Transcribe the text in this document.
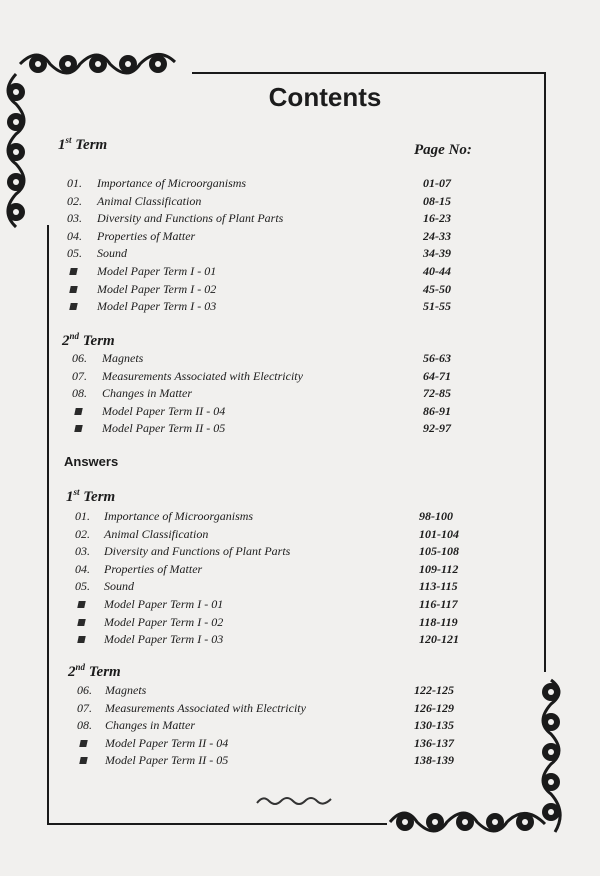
Contents
Page No:
1st Term
2nd Term
Answers
1st Term
2nd Term
01. Importance of Microorganisms	01-07
02. Animal Classification	08-15
03. Diversity and Functions of Plant Parts	16-23
04. Properties of Matter	24-33
05. Sound	34-39
Model Paper Term I - 01	40-44
Model Paper Term I - 02	45-50
Model Paper Term I - 03	51-55
06. Magnets	56-63
07. Measurements Associated with Electricity	64-71
08. Changes in Matter	72-85
Model Paper Term II - 04	86-91
Model Paper Term II - 05	92-97
01. Importance of Microorganisms	98-100
02. Animal Classification	101-104
03. Diversity and Functions of Plant Parts	105-108
04. Properties of Matter	109-112
05. Sound	113-115
Model Paper Term I - 01	116-117
Model Paper Term I - 02	118-119
Model Paper Term I - 03	120-121
06. Magnets	122-125
07. Measurements Associated with Electricity	126-129
08. Changes in Matter	130-135
Model Paper Term II - 04	136-137
Model Paper Term II - 05	138-139
